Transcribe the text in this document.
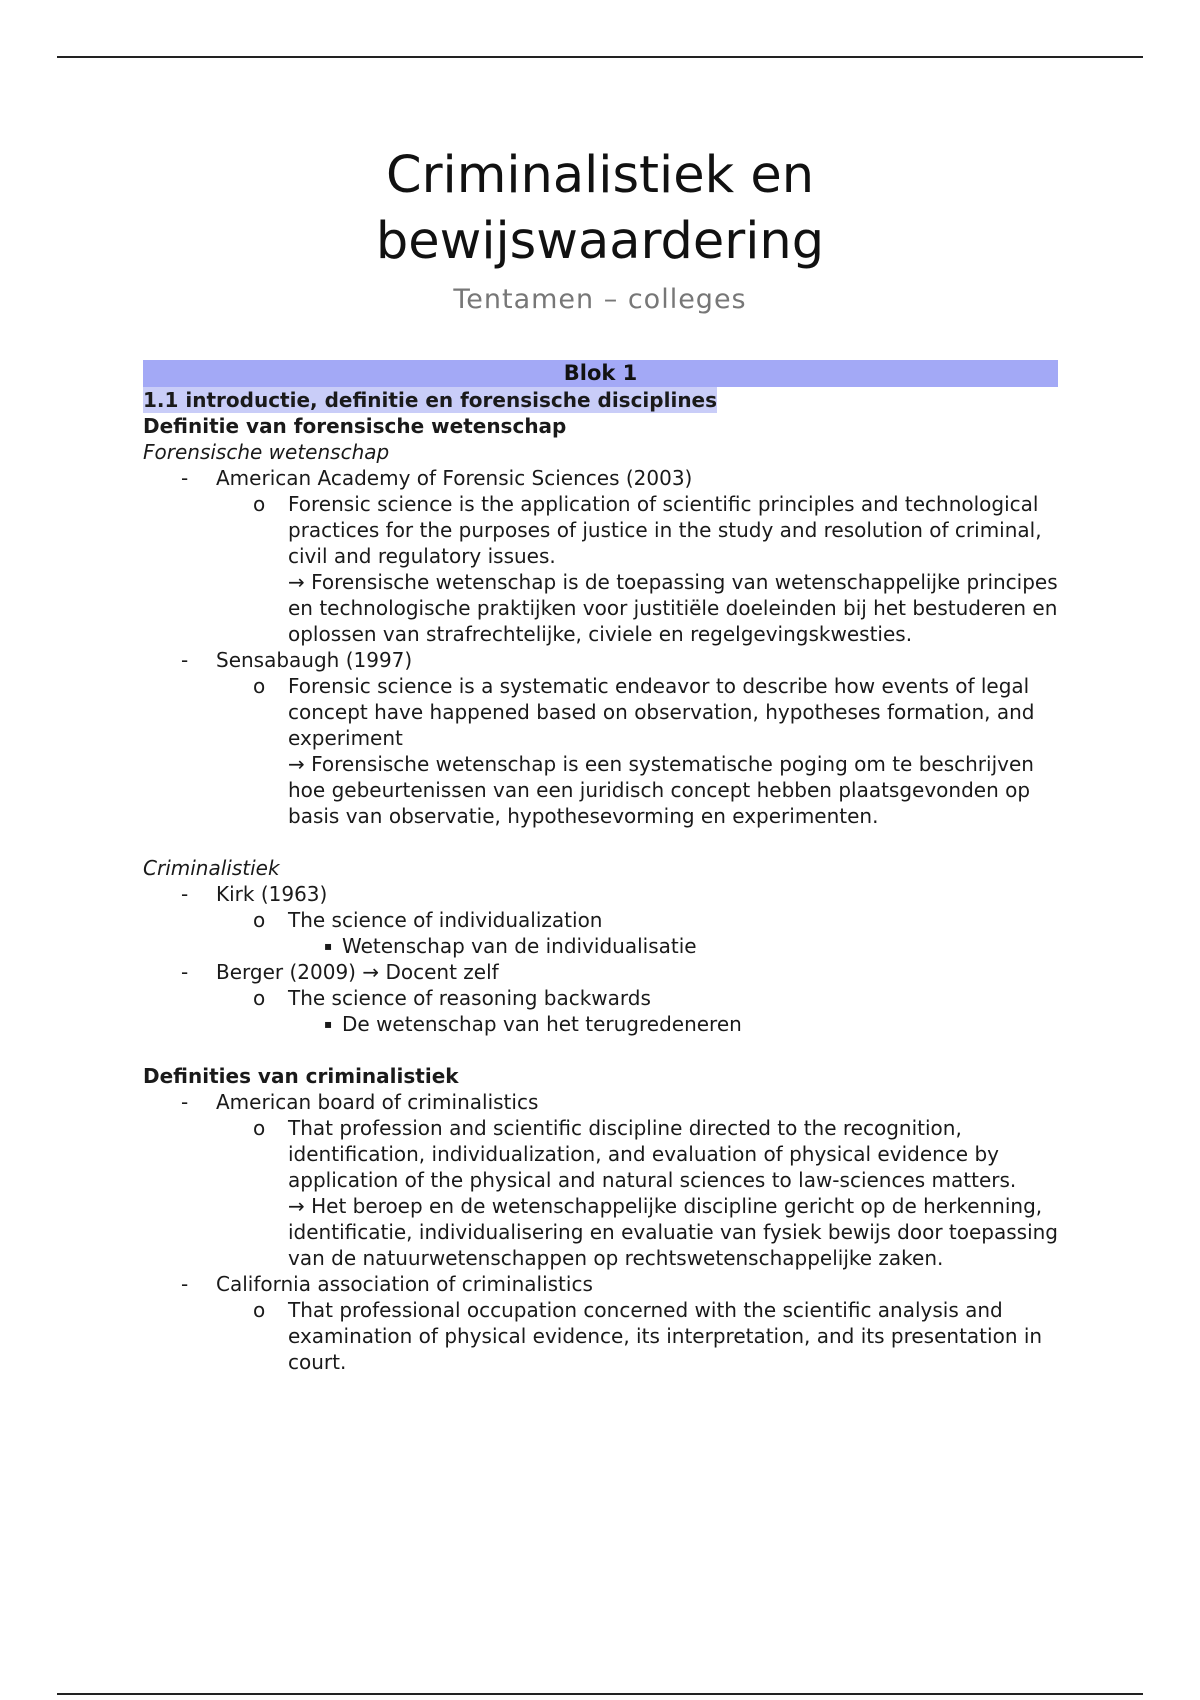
Criminalistiek en
bewijswaardering
Tentamen – colleges
Blok 1
1.1 introductie, definitie en forensische disciplines
Definitie van forensische wetenschap
Forensische wetenschap
- American Academy of Forensic Sciences (2003)
o Forensic science is the application of scientific principles and technological practices for the purposes of justice in the study and resolution of criminal, civil and regulatory issues.
→ Forensische wetenschap is de toepassing van wetenschappelijke principes en technologische praktijken voor justitiële doeleinden bij het bestuderen en oplossen van strafrechtelijke, civiele en regelgevingskwesties.
- Sensabaugh (1997)
o Forensic science is a systematic endeavor to describe how events of legal concept have happened based on observation, hypotheses formation, and experiment
→ Forensische wetenschap is een systematische poging om te beschrijven hoe gebeurtenissen van een juridisch concept hebben plaatsgevonden op basis van observatie, hypothesevorming en experimenten.
Criminalistiek
- Kirk (1963)
o The science of individualization
▪ Wetenschap van de individualisatie
- Berger (2009) → Docent zelf
o The science of reasoning backwards
▪ De wetenschap van het terugredeneren
Definities van criminalistiek
- American board of criminalistics
o That profession and scientific discipline directed to the recognition, identification, individualization, and evaluation of physical evidence by application of the physical and natural sciences to law-sciences matters.
→ Het beroep en de wetenschappelijke discipline gericht op de herkenning, identificatie, individualisering en evaluatie van fysiek bewijs door toepassing van de natuurwetenschappen op rechtswetenschappelijke zaken.
- California association of criminalistics
o That professional occupation concerned with the scientific analysis and examination of physical evidence, its interpretation, and its presentation in court.
